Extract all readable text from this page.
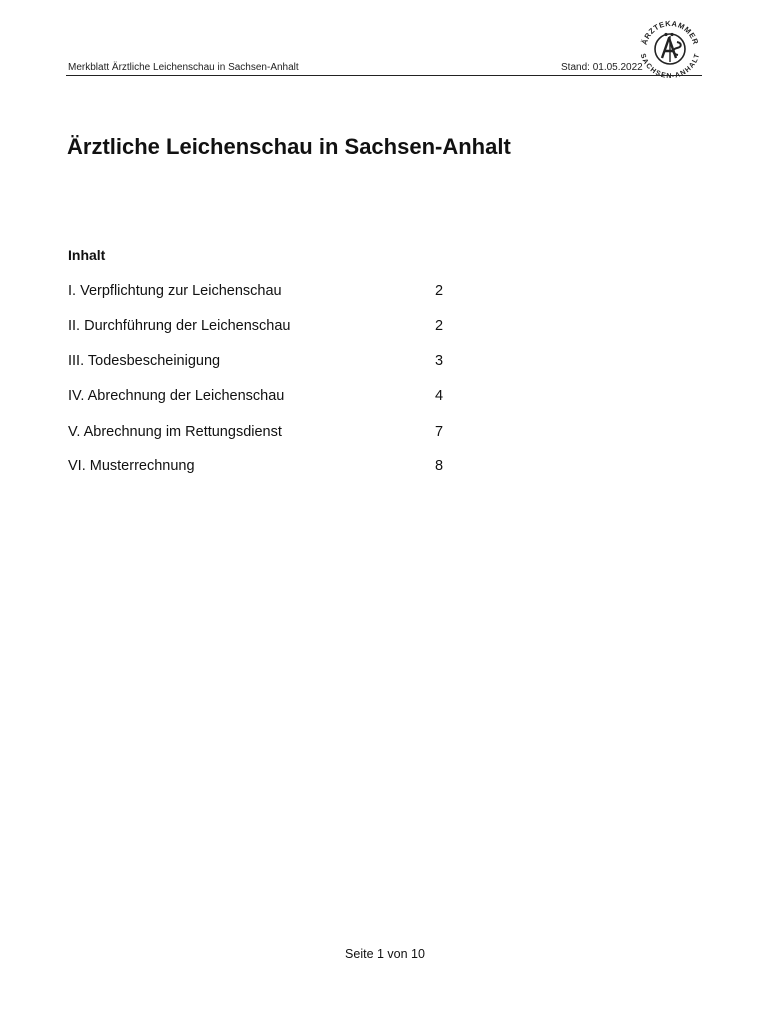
Merkblatt Ärztliche Leichenschau in Sachsen-Anhalt	Stand: 01.05.2022
ÄRZTEKAMMER
SACHSEN-ANHALT
Ärztliche Leichenschau in Sachsen-Anhalt
Inhalt
I. Verpflichtung zur Leichenschau	2
II. Durchführung der Leichenschau	2
III. Todesbescheinigung	3
IV. Abrechnung der Leichenschau	4
V. Abrechnung im Rettungsdienst	7
VI. Musterrechnung	8
Seite 1 von 10
